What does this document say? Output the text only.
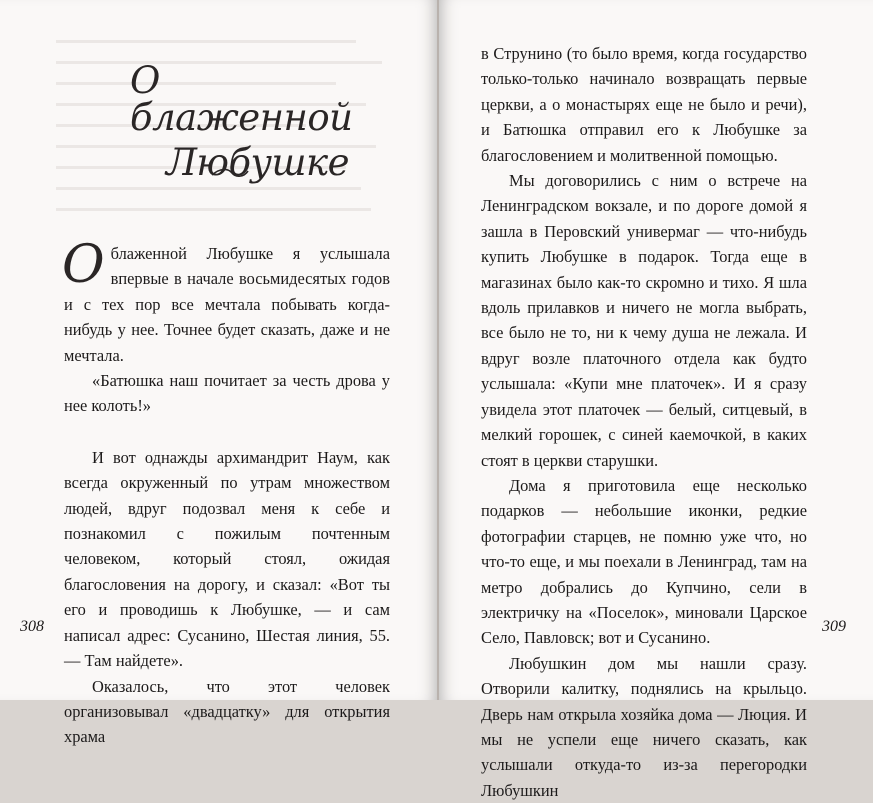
О блаженной
Любушке

О блаженной Любушке я услышала впервые в начале восьмидесятых годов и с тех пор все мечтала побывать когда-нибудь у нее. Точнее будет сказать, даже и не мечтала.

«Батюшка наш почитает за честь дрова у нее колоть!»

И вот однажды архимандрит Наум, как всегда окруженный по утрам множеством людей, вдруг подозвал меня к себе и познакомил с пожилым почтенным человеком, который стоял, ожидая благословения на дорогу, и сказал: «Вот ты его и проводишь к Любушке, — и сам написал адрес: Сусанино, Шестая линия, 55. — Там найдете».

Оказалось, что этот человек организовывал «двадцатку» для открытия храма

308

в Струнино (то было время, когда государство только-только начинало возвращать первые церкви, а о монастырях еще не было и речи), и Батюшка отправил его к Любушке за благословением и молитвенной помощью.

Мы договорились с ним о встрече на Ленинградском вокзале, и по дороге домой я зашла в Перовский универмаг — что-нибудь купить Любушке в подарок. Тогда еще в магазинах было как-то скромно и тихо. Я шла вдоль прилавков и ничего не могла выбрать, все было не то, ни к чему душа не лежала. И вдруг возле платочного отдела как будто услышала: «Купи мне платочек». И я сразу увидела этот платочек — белый, ситцевый, в мелкий горошек, с синей каемочкой, в каких стоят в церкви старушки.

Дома я приготовила еще несколько подарков — небольшие иконки, редкие фотографии старцев, не помню уже что, но что-то еще, и мы поехали в Ленинград, там на метро добрались до Купчино, сели в электричку на «Поселок», миновали Царское Село, Павловск; вот и Сусанино.

Любушкин дом мы нашли сразу. Отворили калитку, поднялись на крыльцо. Дверь нам открыла хозяйка дома — Люция. И мы не успели еще ничего сказать, как услышали откуда-то из-за перегородки Любушкин

309
